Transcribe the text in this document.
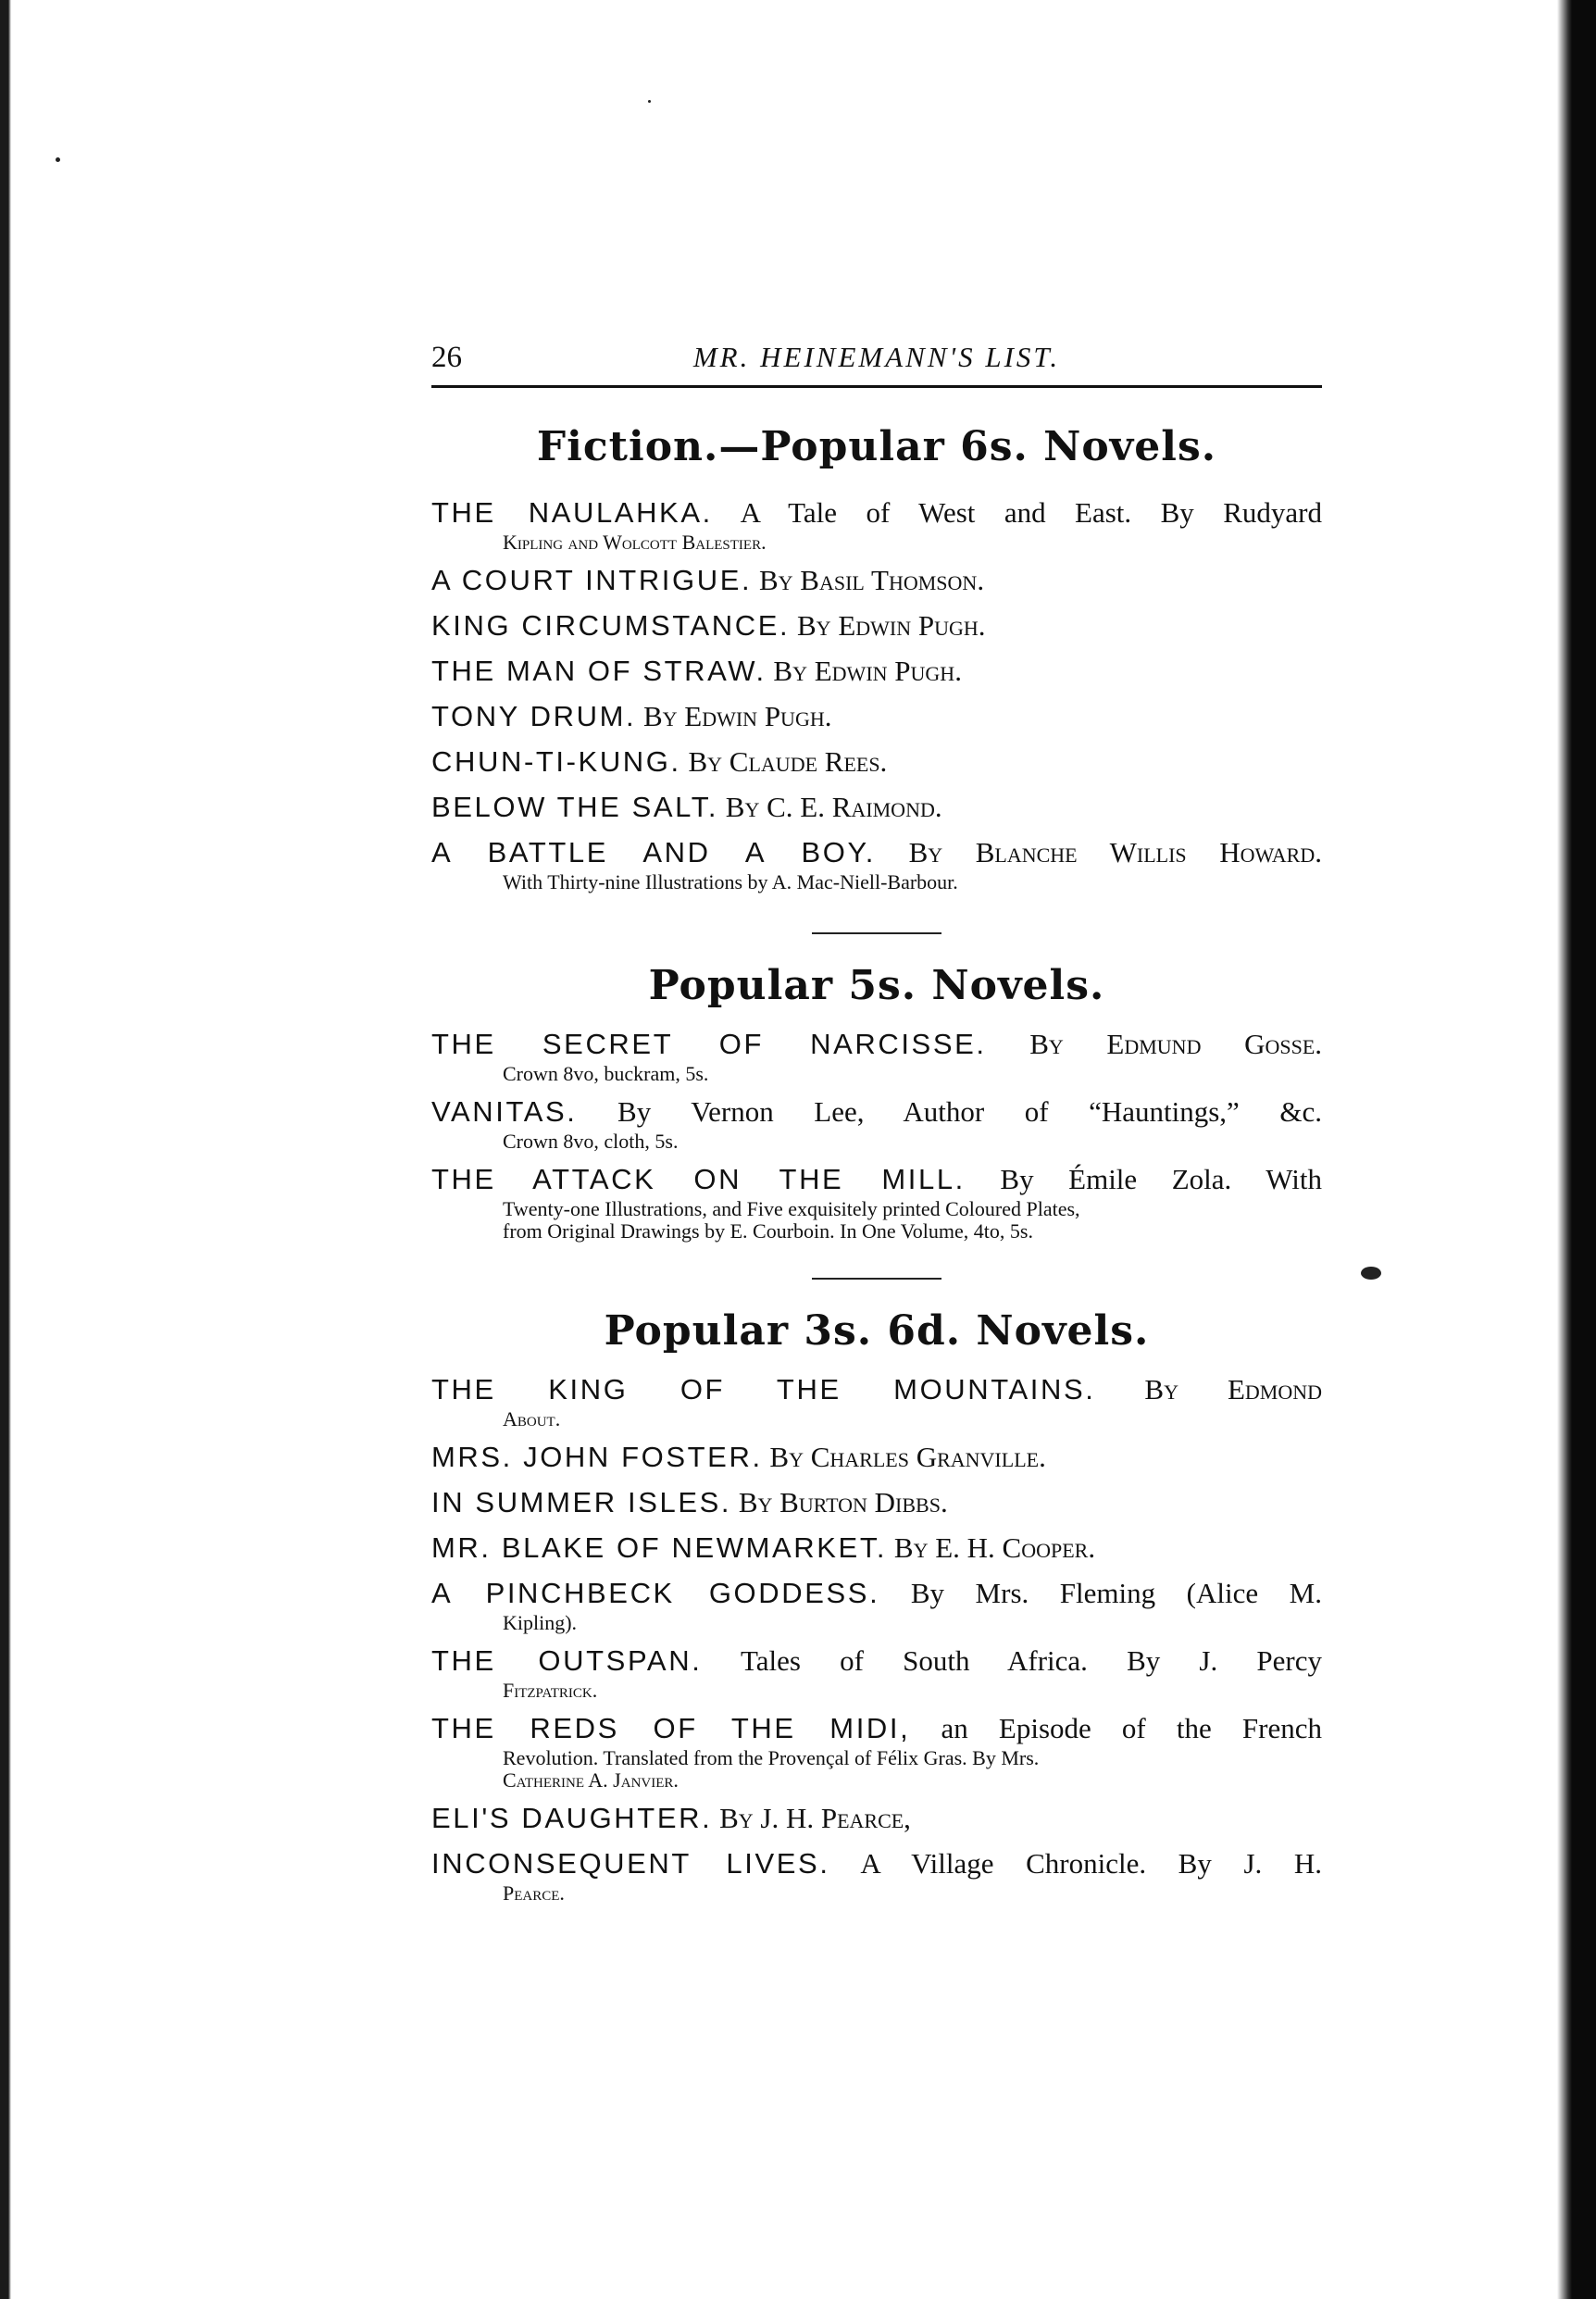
26	MR. HEINEMANN'S LIST.
Fiction.—Popular 6s. Novels.
THE NAULAHKA. A Tale of West and East. By Rudyard
Kipling and Wolcott Balestier.
A COURT INTRIGUE. By Basil Thomson.
KING CIRCUMSTANCE. By Edwin Pugh.
THE MAN OF STRAW. By Edwin Pugh.
TONY DRUM. By Edwin Pugh.
CHUN-TI-KUNG. By Claude Rees.
BELOW THE SALT. By C. E. Raimond.
A BATTLE AND A BOY. By Blanche Willis Howard.
With Thirty-nine Illustrations by A. Mac-Niell-Barbour.
Popular 5s. Novels.
THE SECRET OF NARCISSE. By Edmund Gosse.
Crown 8vo, buckram, 5s.
VANITAS. By Vernon Lee, Author of “Hauntings,” &c.
Crown 8vo, cloth, 5s.
THE ATTACK ON THE MILL. By Émile Zola. With
Twenty-one Illustrations, and Five exquisitely printed Coloured Plates,
from Original Drawings by E. Courboin. In One Volume, 4to, 5s.
Popular 3s. 6d. Novels.
THE KING OF THE MOUNTAINS. By Edmond
About.
MRS. JOHN FOSTER. By Charles Granville.
IN SUMMER ISLES. By Burton Dibbs.
MR. BLAKE OF NEWMARKET. By E. H. Cooper.
A PINCHBECK GODDESS. By Mrs. Fleming (Alice M.
Kipling).
THE OUTSPAN. Tales of South Africa. By J. Percy
Fitzpatrick.
THE REDS OF THE MIDI, an Episode of the French
Revolution. Translated from the Provençal of Félix Gras. By Mrs.
Catherine A. Janvier.
ELI'S DAUGHTER. By J. H. Pearce,
INCONSEQUENT LIVES. A Village Chronicle. By J. H.
Pearce.
